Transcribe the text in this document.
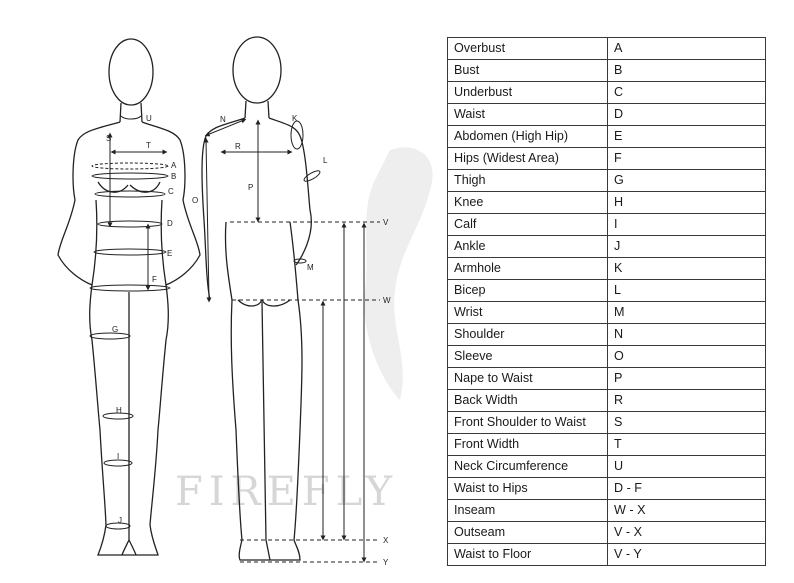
FIREFLY
U
S
T
A
B
C
D
E
F
G
H
I
J
N	K
R
L
P
O
M
V
W
X
Y
Overbust	A
Bust	B
Underbust	C
Waist	D
Abdomen (High Hip)	E
Hips (Widest Area)	F
Thigh	G
Knee	H
Calf	I
Ankle	J
Armhole	K
Bicep	L
Wrist	M
Shoulder	N
Sleeve	O
Nape to Waist	P
Back Width	R
Front Shoulder to Waist	S
Front Width	T
Neck Circumference	U
Waist to Hips	D - F
Inseam	W - X
Outseam	V - X
Waist to Floor	V - Y
